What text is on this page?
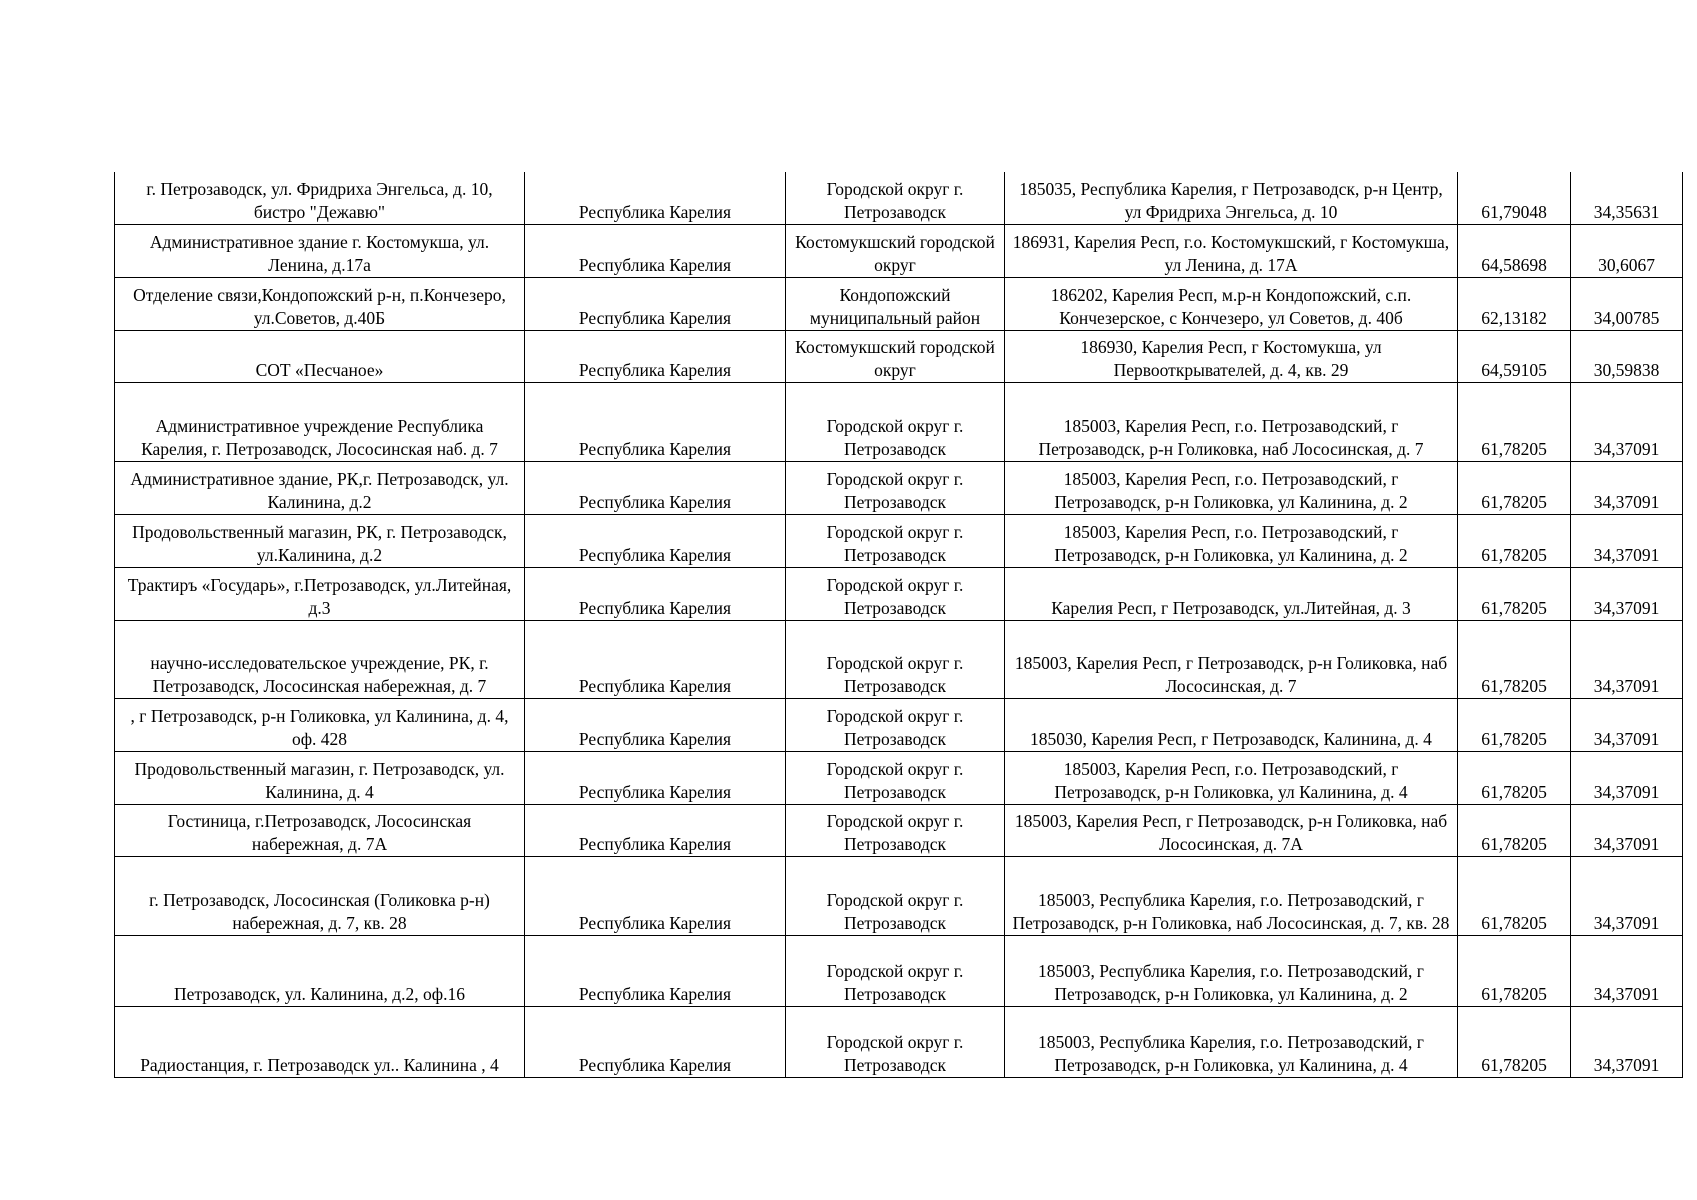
г. Петрозаводск, ул. Фридриха Энгельса, д. 10, бистро "Дежавю"	Республика Карелия	Городской округ г. Петрозаводск	185035, Республика Карелия, г Петрозаводск, р-н Центр, ул Фридриха Энгельса, д. 10	61,79048	34,35631
Административное здание г. Костомукша, ул. Ленина, д.17а	Республика Карелия	Костомукшский городской округ	186931, Карелия Респ, г.о. Костомукшский, г Костомукша, ул Ленина, д. 17А	64,58698	30,6067
Отделение связи,Кондопожский р-н, п.Кончезеро, ул.Советов, д.40Б	Республика Карелия	Кондопожский муниципальный район	186202, Карелия Респ, м.р-н Кондопожский, с.п. Кончезерское, с Кончезеро, ул Советов, д. 40б	62,13182	34,00785
СОТ «Песчаное»	Республика Карелия	Костомукшский городской округ	186930, Карелия Респ, г Костомукша, ул Первооткрывателей, д. 4, кв. 29	64,59105	30,59838
Административное учреждение Республика Карелия, г. Петрозаводск, Лососинская наб. д. 7	Республика Карелия	Городской округ г. Петрозаводск	185003, Карелия Респ, г.о. Петрозаводский, г Петрозаводск, р-н Голиковка, наб Лососинская, д. 7	61,78205	34,37091
Административное здание, РК,г. Петрозаводск, ул. Калинина, д.2	Республика Карелия	Городской округ г. Петрозаводск	185003, Карелия Респ, г.о. Петрозаводский, г Петрозаводск, р-н Голиковка, ул Калинина, д. 2	61,78205	34,37091
Продовольственный магазин, РК, г. Петрозаводск, ул.Калинина, д.2	Республика Карелия	Городской округ г. Петрозаводск	185003, Карелия Респ, г.о. Петрозаводский, г Петрозаводск, р-н Голиковка, ул Калинина, д. 2	61,78205	34,37091
Трактиръ «Государь», г.Петрозаводск, ул.Литейная, д.3	Республика Карелия	Городской округ г. Петрозаводск	Карелия Респ, г Петрозаводск, ул.Литейная, д. 3	61,78205	34,37091
научно-исследовательское учреждение, РК, г. Петрозаводск, Лососинская набережная, д. 7	Республика Карелия	Городской округ г. Петрозаводск	185003, Карелия Респ, г Петрозаводск, р-н Голиковка, наб Лососинская, д. 7	61,78205	34,37091
, г Петрозаводск, р-н Голиковка, ул Калинина, д. 4, оф. 428	Республика Карелия	Городской округ г. Петрозаводск	185030, Карелия Респ, г Петрозаводск, Калинина, д. 4	61,78205	34,37091
Продовольственный магазин, г. Петрозаводск, ул. Калинина, д. 4	Республика Карелия	Городской округ г. Петрозаводск	185003, Карелия Респ, г.о. Петрозаводский, г Петрозаводск, р-н Голиковка, ул Калинина, д. 4	61,78205	34,37091
Гостиница, г.Петрозаводск, Лососинская набережная, д. 7А	Республика Карелия	Городской округ г. Петрозаводск	185003, Карелия Респ, г Петрозаводск, р-н Голиковка, наб Лососинская, д. 7А	61,78205	34,37091
г. Петрозаводск, Лососинская (Голиковка р-н) набережная, д. 7, кв. 28	Республика Карелия	Городской округ г. Петрозаводск	185003, Республика Карелия, г.о. Петрозаводский, г Петрозаводск, р-н Голиковка, наб Лососинская, д. 7, кв. 28	61,78205	34,37091
Петрозаводск, ул. Калинина, д.2, оф.16	Республика Карелия	Городской округ г. Петрозаводск	185003, Республика Карелия, г.о. Петрозаводский, г Петрозаводск, р-н Голиковка, ул Калинина, д. 2	61,78205	34,37091
Радиостанция, г. Петрозаводск ул.. Калинина , 4	Республика Карелия	Городской округ г. Петрозаводск	185003, Республика Карелия, г.о. Петрозаводский, г Петрозаводск, р-н Голиковка, ул Калинина, д. 4	61,78205	34,37091
